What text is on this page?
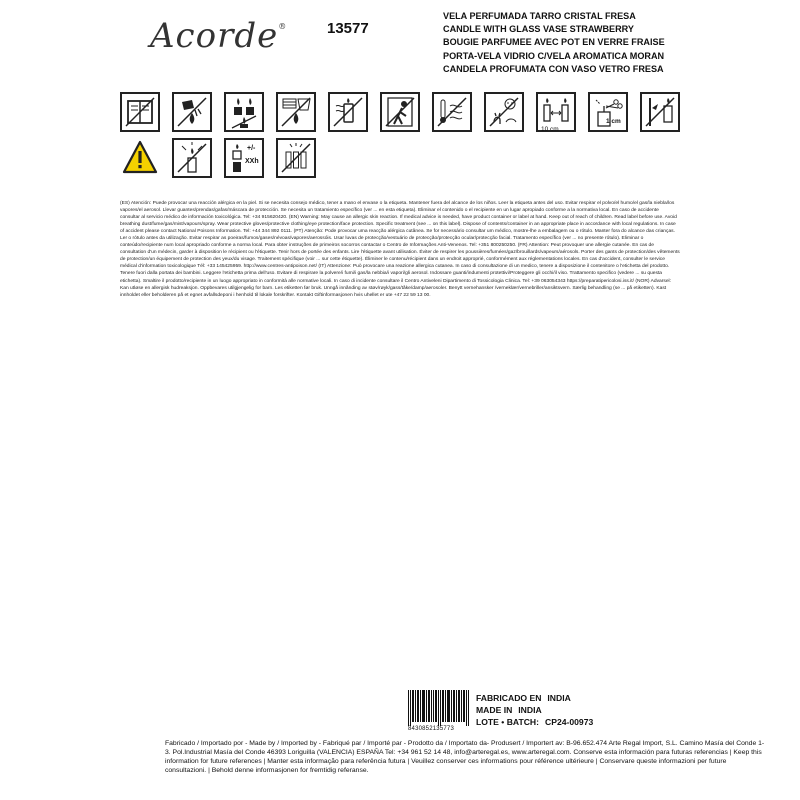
Acorde®	13577
VELA PERFUMADA TARRO CRISTAL FRESA
CANDLE WITH GLASS VASE STRAWBERRY
BOUGIE PARFUMEE AVEC POT EN VERRE FRAISE
PORTA-VELA VIDRIO C/VELA AROMATICA MORAN
CANDELA PROFUMATA CON VASO VETRO FRESA
10 cm
1 cm
+/-
XXh
(ES) Atención: Puede provocar una reacción alérgica en la piel. Si se necesita consejo médico, tener a mano el envase o la etiqueta. Mantener fuera del alcance de los niños. Leer la etiqueta antes del uso. Evitar respirar el polvo/el humo/el gas/la niebla/los vapores/el aerosol. Llevar guantes/prendas/gafas/máscara de protección. Se necesita un tratamiento específico (ver ... en esta etiqueta). Eliminar el contenido o el recipiente en un lugar apropiado conforme a la normativa local. En caso de accidente consultar al servicio médico de información toxicológica. Tel: +34 915620420. (EN) Warning: May cause an allergic skin reaction. If medical advice is needed, have product container or label at hand. Keep out of reach of children. Read label before use. Avoid breathing dust/fume/gas/mist/vapours/spray. Wear protective gloves/protective clothing/eye protection/face protection. Specific treatment (see ... on this label). Dispose of contents/container in an appropriate place in accordance with local regulations. In case of accident please contact National Poisons Information. Tel: +44 344 892 0111. (PT) Atenção: Pode provocar uma reacção alérgica cutânea. Se for necessário consultar um médico, mostre-lhe a embalagem ou o rótulo. Manter fora do alcance das crianças. Ler o rótulo antes da utilização. Evitar respirar as poeiras/fumos/gases/névoas/vapores/aerossóis. Usar luvas de protecção/vestuário de protecção/protecção ocular/protecção facial. Tratamento específico (ver ... no presente rótulo). Eliminar o conteúdo/recipiente num local apropriado conforme a norma local. Para obter instruções de primeiros socorros contactar o Centro de Informações Anti-Venenos. Tel: +351 800250250. (FR) Attention: Peut provoquer une allergie cutanée. En cas de consultation d'un médecin, garder à disposition le récipient ou l'étiquette. Tenir hors de portée des enfants. Lire l'étiquette avant utilisation. Éviter de respirer les poussières/fumées/gaz/brouillards/vapeurs/aérosols. Porter des gants de protection/des vêtements de protection/un équipement de protection des yeux/du visage. Traitement spécifique (voir ... sur cette étiquette). Éliminer le contenu/récipient dans un endroit approprié, conformément aux réglementations locales. En cas d'accident, consulter le service médical d'information toxicologique Tél: +33 145425959. http://www.centres-antipoison.net/ (IT) Attenzione: Può provocare una reazione allergica cutanea. In caso di consultazione di un medico, tenere a disposizione il contenitore o l'etichetta del prodotto. Tenere fuori dalla portata dei bambini. Leggere l'etichetta prima dell'uso. Evitare di respirare la polvere/i fumi/i gas/la nebbia/i vapori/gli aerosol. Indossare guanti/indumenti protettivi/Proteggere gli occhi/il viso. Trattamento specifico (vedere ... su questa etichetta). Smaltire il prodotto/recipiente in un luogo appropriato in conformità alle normative locali. In caso di incidente consultare il Centro Antiveleni Dipartimento di Tossicologia Clinica. Tel: +39 063054343 https://preparatipericolosi.iss.it/ (NOR) Advarsel: Kan utløse en allergisk hudreaksjon. Oppbevares utilgjengelig for barn. Les etiketten før bruk. Unngå innånding av støv/røyk/gass/tåke/damp/aerosoler. Benytt vernehansker /verneklær/vernebriller/ansiktsvern. Særlig behandling (se ... på etiketten). Kast innholdet eller beholderen på et egnet avfallsdeponi i henhold til lokale forskrifter. Kontakt Giftinformasjonen hvis uhellet er ute +47 22 59 13 00.
8430852135773
FABRICADO EN INDIA
MADE IN INDIA
LOTE • BATCH: CP24-00973
Fabricado / Importado por - Made by / Imported by - Fabriqué par / Importé par - Prodotto da / Importato da- Produsert / Importert av: B-96.652.474 Arte Regal Import, S.L. Camino Masía del Conde 1-3. Pol.Industrial Masía del Conde 46393 Loriguilla (VALENCIA) ESPAÑA Tel: +34 961 52 14 48, info@arteregal.es, www.arteregal.com. Conserve esta información para futuras referencias | Keep this information for future references | Manter esta informação para referência futura | Veuillez conserver ces informations pour référence ultérieure | Conservare queste informazioni per future consultazioni. | Behold denne informasjonen for fremtidig referanse.
